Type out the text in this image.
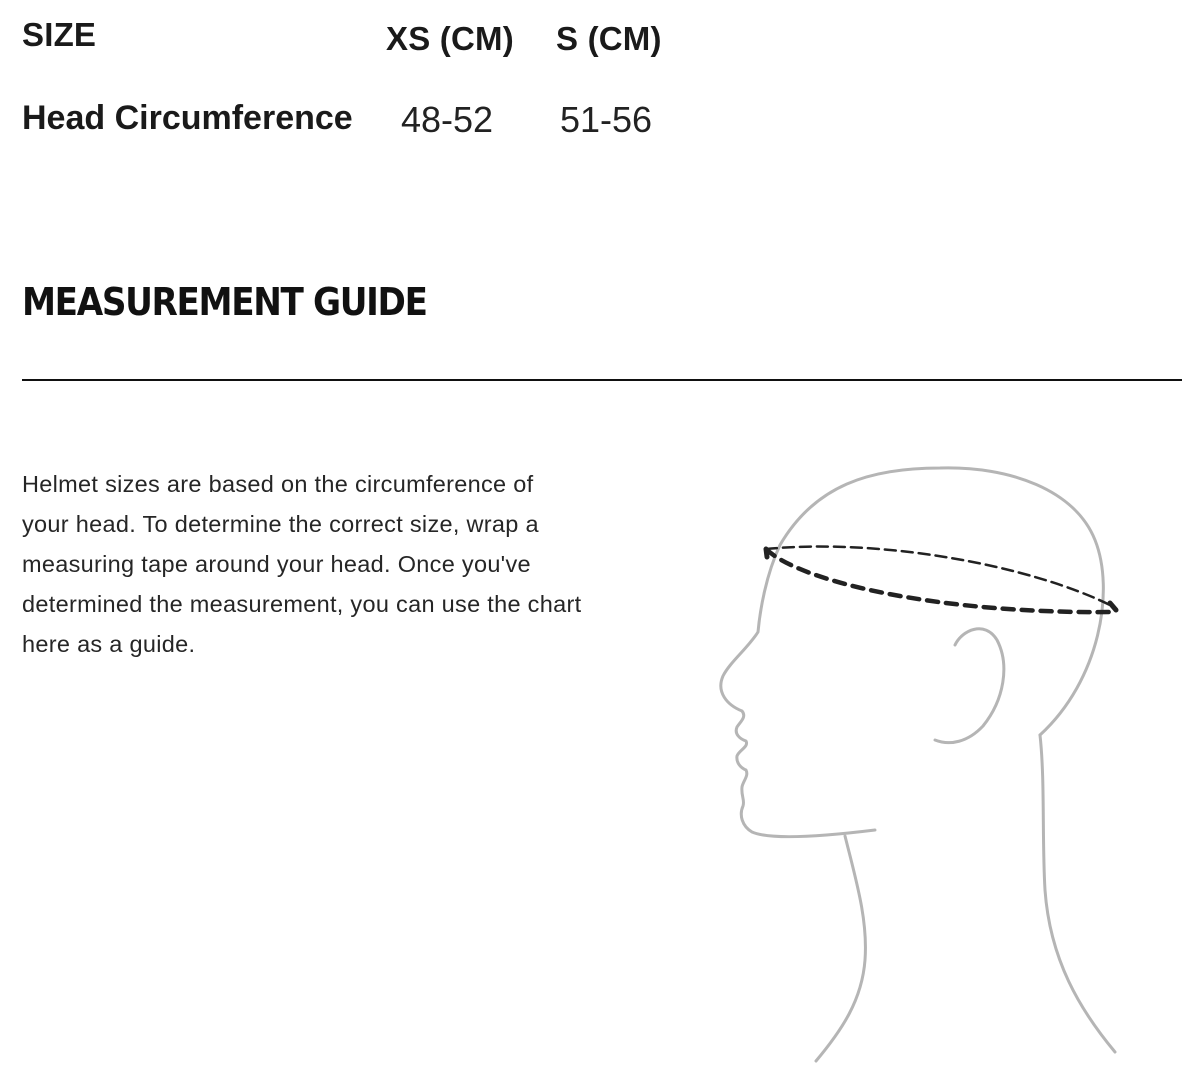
SIZE	XS (CM) S (CM)
Head Circumference 48-52 51-56
MEASUREMENT GUIDE

Helmet sizes are based on the circumference of your head. To determine the correct size, wrap a measuring tape around your head. Once you've determined the measurement, you can use the chart here as a guide.
